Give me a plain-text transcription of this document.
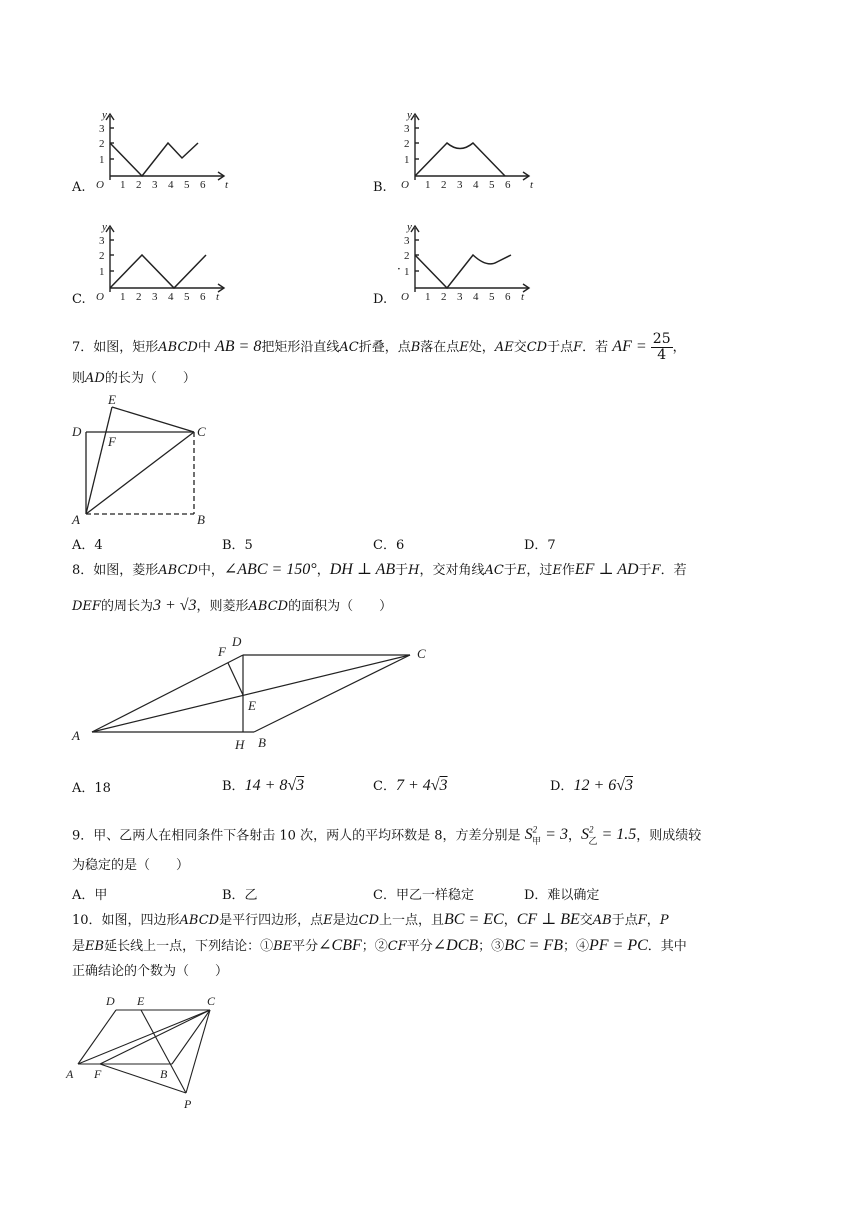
A.	B.
C.	D.
·
y
O	t
1
2
3
1 2 3 4 5 6
y
O	t
1
2
3
1 2 3 4 5 6
y
O	t
1
2
3
1 2 3 4 5 6
y
O	t
1
2
3
1 2 3 4 5 6
7．如图，矩形ABCD中 AB = 8把矩形沿直线AC折叠，点B落在点E处，AE交CD于点F．若 AF = $\frac{25}{4}$ ，
则AD的长为（　　）
E
D
F
C
A	B
A．4	B．5	C．6	D．7
8．如图，菱形ABCD中，∠ABC = 150°，DH ⊥ AB于H，交对角线AC于E，过E作EF ⊥ AD于F．若
DEF的周长为3 + √3，则菱形ABCD的面积为（　　）
F
D
C
E
A
H B
A．18	B．14 + 8√3	C．7 + 4√3	D．12 + 6√3
9．甲、乙两人在相同条件下各射击 10 次，两人的平均环数是 8，方差分别是 $S^2_甲 = 3$，$S^2_乙 = 1.5$，则成绩较
为稳定的是（　　）
A．甲	B．乙	C．甲乙一样稳定	D．难以确定
10．如图，四边形ABCD是平行四边形，点E是边CD上一点，且BC = EC，CF ⊥ BE交AB于点F，P
是EB延长线上一点，下列结论：①BE平分∠CBF；②CF平分∠DCB；③BC = FB；④PF = PC．其中
正确结论的个数为（　　）
D E	C
A F	B
P
